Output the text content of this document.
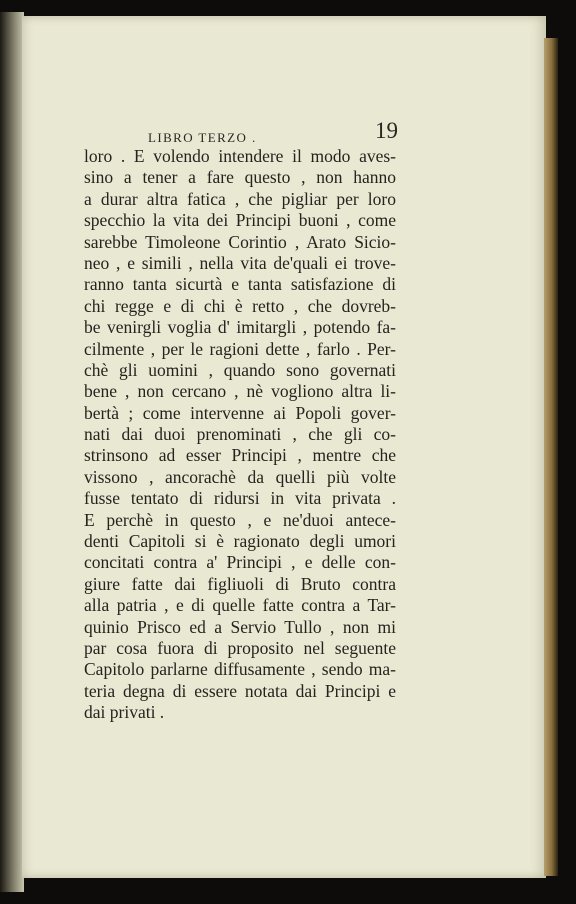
LIBRO TERZO .	19
loro . E volendo intendere il modo aves-
sino a tener a fare questo , non hanno
a durar altra fatica , che pigliar per loro
specchio la vita dei Principi buoni , come
sarebbe Timoleone Corintio , Arato Sicio-
neo , e simili , nella vita de'quali ei trove-
ranno tanta sicurtà e tanta satisfazione di
chi regge e di chi è retto , che dovreb-
be venirgli voglia d' imitargli , potendo fa-
cilmente , per le ragioni dette , farlo . Per-
chè gli uomini , quando sono governati
bene , non cercano , nè vogliono altra li-
bertà ; come intervenne ai Popoli gover-
nati dai duoi prenominati , che gli co-
strinsono ad esser Principi , mentre che
vissono , ancorachè da quelli più volte
fusse tentato di ridursi in vita privata .
E perchè in questo , e ne'duoi antece-
denti Capitoli si è ragionato degli umori
concitati contra a' Principi , e delle con-
giure fatte dai figliuoli di Bruto contra
alla patria , e di quelle fatte contra a Tar-
quinio Prisco ed a Servio Tullo , non mi
par cosa fuora di proposito nel seguente
Capitolo parlarne diffusamente , sendo ma-
teria degna di essere notata dai Principi e
dai privati .
